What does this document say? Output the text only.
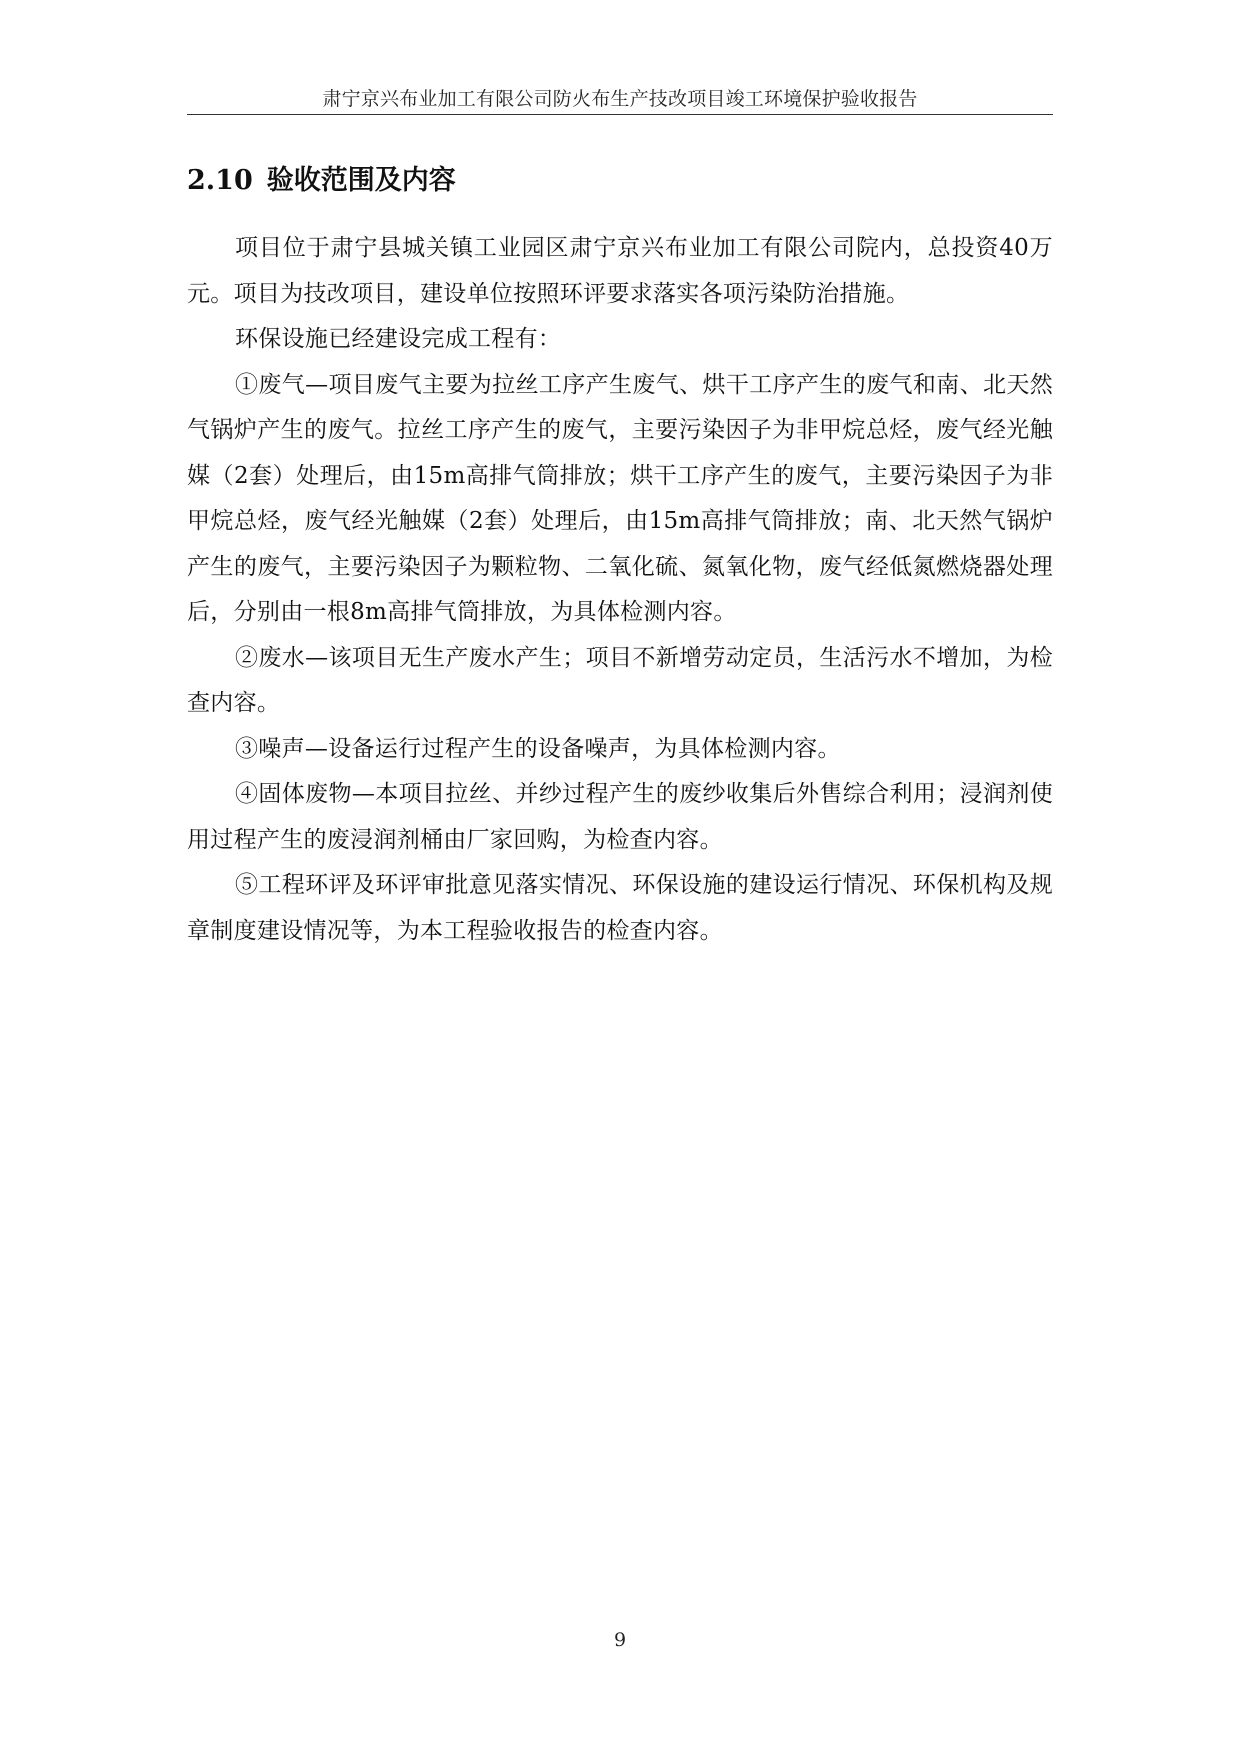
肃宁京兴布业加工有限公司防火布生产技改项目竣工环境保护验收报告
2.10 验收范围及内容

项目位于肃宁县城关镇工业园区肃宁京兴布业加工有限公司院内，总投资40万元。项目为技改项目，建设单位按照环评要求落实各项污染防治措施。

环保设施已经建设完成工程有：

①废气—项目废气主要为拉丝工序产生废气、烘干工序产生的废气和南、北天然气锅炉产生的废气。拉丝工序产生的废气，主要污染因子为非甲烷总烃，废气经光触媒（2套）处理后，由15m高排气筒排放；烘干工序产生的废气，主要污染因子为非甲烷总烃，废气经光触媒（2套）处理后，由15m高排气筒排放；南、北天然气锅炉产生的废气，主要污染因子为颗粒物、二氧化硫、氮氧化物，废气经低氮燃烧器处理后，分别由一根8m高排气筒排放，为具体检测内容。

②废水—该项目无生产废水产生；项目不新增劳动定员，生活污水不增加，为检查内容。

③噪声—设备运行过程产生的设备噪声，为具体检测内容。

④固体废物—本项目拉丝、并纱过程产生的废纱收集后外售综合利用；浸润剂使用过程产生的废浸润剂桶由厂家回购，为检查内容。

⑤工程环评及环评审批意见落实情况、环保设施的建设运行情况、环保机构及规章制度建设情况等，为本工程验收报告的检查内容。

9
